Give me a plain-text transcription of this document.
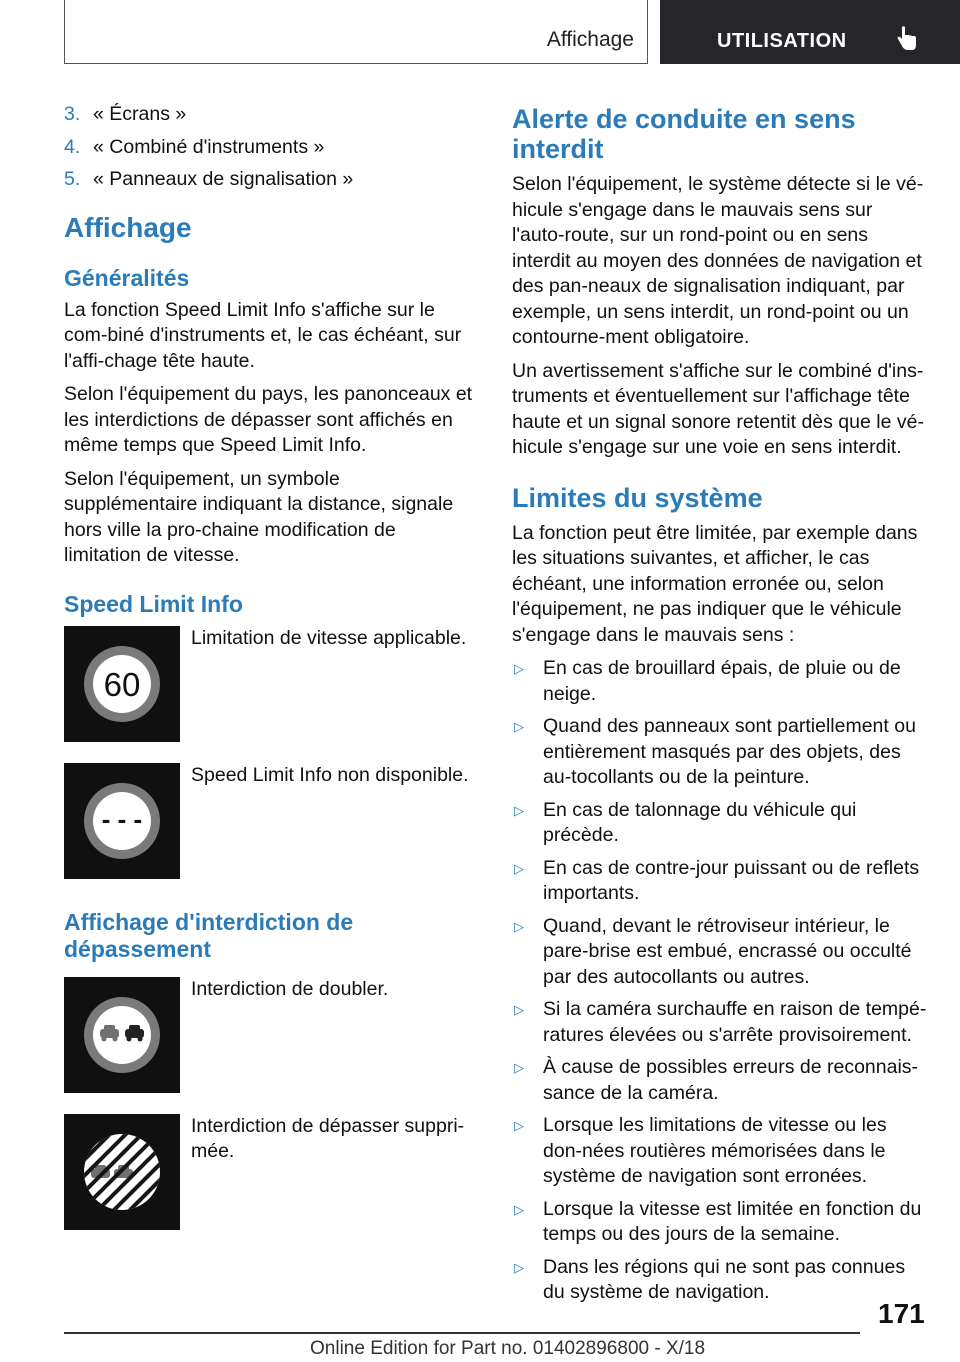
Affichage	UTILISATION
3. « Écrans »
4. « Combiné d'instruments »
5. « Panneaux de signalisation »
Affichage
Généralités

La fonction Speed Limit Info s'affiche sur le com-biné d'instruments et, le cas échéant, sur l'affi-chage tête haute.

Selon l'équipement du pays, les panonceaux et les interdictions de dépasser sont affichés en même temps que Speed Limit Info.

Selon l'équipement, un symbole supplémentaire indiquant la distance, signale hors ville la pro-chaine modification de limitation de vitesse.

Speed Limit Info
60
Limitation de vitesse applicable.
- - -
Speed Limit Info non disponible.
Affichage d'interdiction de dépassement
Interdiction de doubler.
Interdiction de dépasser suppri-mée.
Alerte de conduite en sens interdit

Selon l'équipement, le système détecte si le vé-hicule s'engage dans le mauvais sens sur l'auto-route, sur un rond-point ou en sens interdit au moyen des données de navigation et des pan-neaux de signalisation indiquant, par exemple, un sens interdit, un rond-point ou un contourne-ment obligatoire.

Un avertissement s'affiche sur le combiné d'ins-truments et éventuellement sur l'affichage tête haute et un signal sonore retentit dès que le vé-hicule s'engage sur une voie en sens interdit.

Limites du système

La fonction peut être limitée, par exemple dans les situations suivantes, et afficher, le cas échéant, une information erronée ou, selon l'équipement, ne pas indiquer que le véhicule s'engage dans le mauvais sens :

▷ En cas de brouillard épais, de pluie ou de neige.
▷ Quand des panneaux sont partiellement ou entièrement masqués par des objets, des au-tocollants ou de la peinture.
▷ En cas de talonnage du véhicule qui précède.
▷ En cas de contre-jour puissant ou de reflets importants.
▷ Quand, devant le rétroviseur intérieur, le pare-brise est embué, encrassé ou occulté par des autocollants ou autres.
▷ Si la caméra surchauffe en raison de tempé-ratures élevées ou s'arrête provisoirement.
▷ À cause de possibles erreurs de reconnais-sance de la caméra.
▷ Lorsque les limitations de vitesse ou les don-nées routières mémorisées dans le système de navigation sont erronées.
▷ Lorsque la vitesse est limitée en fonction du temps ou des jours de la semaine.
▷ Dans les régions qui ne sont pas connues du système de navigation.
171
Online Edition for Part no. 01402896800 - X/18
